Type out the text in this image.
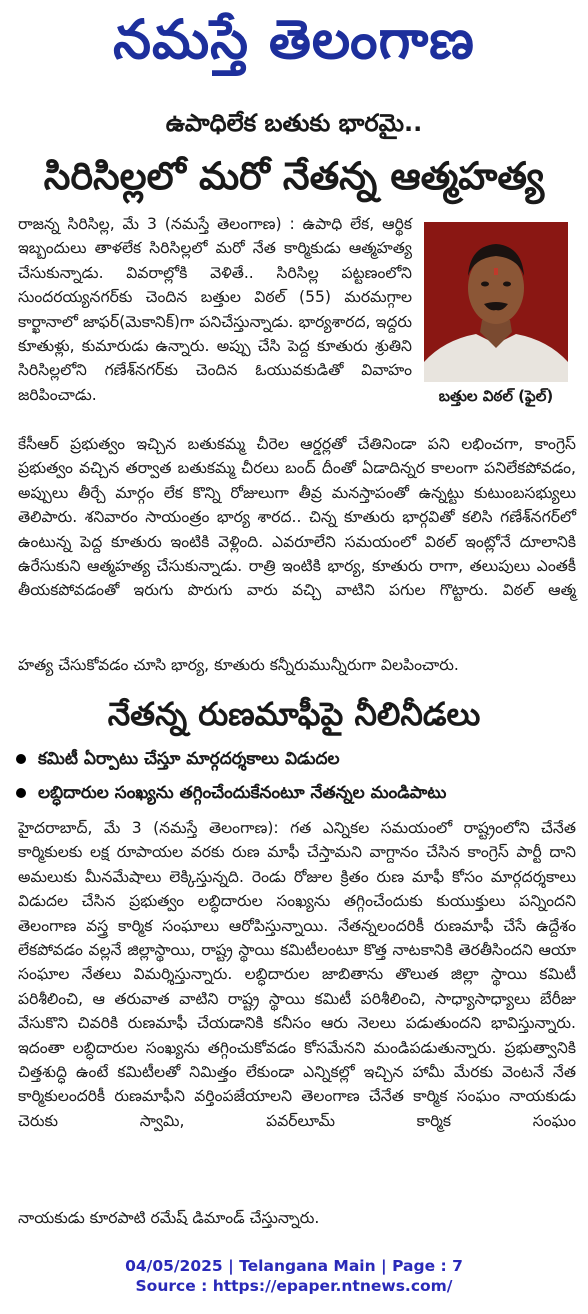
నమస్తే తెలంగాణ
ఉపాధిలేక బతుకు భారమై..
సిరిసిల్లలో మరో నేతన్న ఆత్మహత్య

రాజన్న సిరిసిల్ల, మే 3 (నమస్తే తెలంగాణ) : ఉపాధి లేక, ఆర్థిక ఇబ్బందులు తాళలేక సిరిసిల్లలో మరో నేత కార్మికుడు ఆత్మహత్య చేసుకున్నాడు. వివరాల్లోకి వెళితే.. సిరిసిల్ల పట్టణంలోని సుందరయ్యనగర్‌కు చెందిన బత్తుల విఠల్ (55) మరమగ్గాల కార్ఖానాలో జాఫర్(మెకానిక్)గా పనిచేస్తున్నాడు. భార్యశారద, ఇద్దరు కూతుళ్లు, కుమారుడు ఉన్నారు. అప్పు చేసి పెద్ద కూతురు శ్రుతిని సిరిసిల్లలోని గణేశ్‌నగర్‌కు చెందిన ఓయువకుడితో వివాహం జరిపించాడు.	బత్తుల విఠల్ (ఫైల్)

కేసీఆర్ ప్రభుత్వం ఇచ్చిన బతుకమ్మ చీరెల ఆర్డర్లతో చేతినిండా పని లభించగా, కాంగ్రెస్ ప్రభుత్వం వచ్చిన తర్వాత బతుకమ్మ చీరలు బంద్ దీంతో ఏడాదిన్నర కాలంగా పనిలేకపోవడం, అప్పులు తీర్చే మార్గం లేక కొన్ని రోజులుగా తీవ్ర మనస్తాపంతో ఉన్నట్టు కుటుంబసభ్యులు తెలిపారు. శనివారం సాయంత్రం భార్య శారద.. చిన్న కూతురు భార్గవితో కలిసి గణేశ్‌నగర్‌లో ఉంటున్న పెద్ద కూతురు ఇంటికి వెళ్లింది. ఎవరూలేని సమయంలో విఠల్ ఇంట్లోనే దూలానికి ఉరేసుకుని ఆత్మహత్య చేసుకున్నాడు. రాత్రి ఇంటికి భార్య, కూతురు రాగా, తలుపులు ఎంతకీ తీయకపోవడంతో ఇరుగు పొరుగు వారు వచ్చి వాటిని పగుల గొట్టారు. విఠల్ ఆత్మ

హత్య చేసుకోవడం చూసి భార్య, కూతురు కన్నీరుమున్నీరుగా విలపించారు.

నేతన్న రుణమాఫీపై నీలినీడలు
కమిటీ ఏర్పాటు చేస్తూ మార్గదర్శకాలు విడుదల
లబ్ధిదారుల సంఖ్యను తగ్గించేందుకేనంటూ నేతన్నల మండిపాటు

హైదరాబాద్, మే 3 (నమస్తే తెలంగాణ): గత ఎన్నికల సమయంలో రాష్ట్రంలోని చేనేత కార్మికులకు లక్ష రూపాయల వరకు రుణ మాఫీ చేస్తామని వాగ్దానం చేసిన కాంగ్రెస్ పార్టీ దాని అమలుకు మీనమేషాలు లెక్కిస్తున్నది. రెండు రోజుల క్రితం రుణ మాఫీ కోసం మార్గదర్శకాలు విడుదల చేసిన ప్రభుత్వం లబ్ధిదారుల సంఖ్యను తగ్గించేందుకు కుయుక్తులు పన్నిందని తెలంగాణ వస్త్ర కార్మిక సంఘాలు ఆరోపిస్తున్నాయి. నేతన్నలందరికీ రుణమాఫీ చేసే ఉద్దేశం లేకపోవడం వల్లనే జిల్లాస్థాయి, రాష్ట్ర స్థాయి కమిటీలంటూ కొత్త నాటకానికి తెరతీసిందని ఆయా సంఘాల నేతలు విమర్శిస్తున్నారు. లబ్ధిదారుల జాబితాను తొలుత జిల్లా స్థాయి కమిటీ పరిశీలించి, ఆ తరువాత వాటిని రాష్ట్ర స్థాయి కమిటీ పరిశీలించి, సాధ్యాసాధ్యాలు బేరీజు వేసుకొని చివరికి రుణమాఫీ చేయడానికి కనీసం ఆరు నెలలు పడుతుందని భావిస్తున్నారు. ఇదంతా లబ్ధిదారుల సంఖ్యను తగ్గించుకోవడం కోసమేనని మండిపడుతున్నారు. ప్రభుత్వానికి చిత్తశుద్ధి ఉంటే కమిటీలతో నిమిత్తం లేకుండా ఎన్నికల్లో ఇచ్చిన హామీ మేరకు వెంటనే నేత కార్మికులందరికీ రుణమాఫీని వర్తింపజేయాలని తెలంగాణ చేనేత కార్మిక సంఘం నాయకుడు చెరుకు స్వామి, పవర్‌లూమ్ కార్మిక సంఘం

నాయకుడు కూరపాటి రమేష్ డిమాండ్ చేస్తున్నారు.

04/05/2025 | Telangana Main | Page : 7
Source : https://epaper.ntnews.com/
